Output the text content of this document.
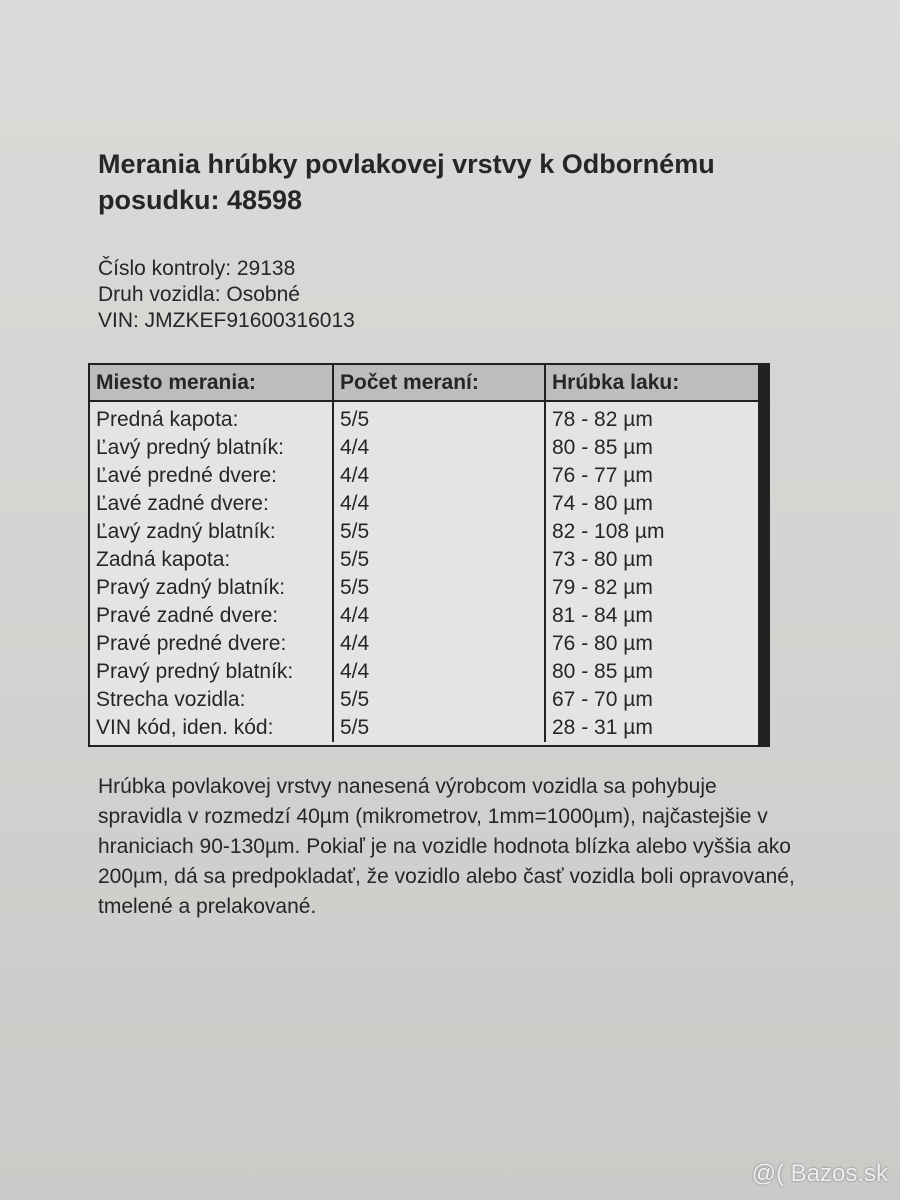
Merania hrúbky povlakovej vrstvy k Odbornému posudku: 48598
Číslo kontroly: 29138
Druh vozidla: Osobné
VIN: JMZKEF91600316013
Miesto merania:	Počet meraní:	Hrúbka laku:
Predná kapota:	5/5	78 - 82 µm
Ľavý predný blatník:	4/4	80 - 85 µm
Ľavé predné dvere:	4/4	76 - 77 µm
Ľavé zadné dvere:	4/4	74 - 80 µm
Ľavý zadný blatník:	5/5	82 - 108 µm
Zadná kapota:	5/5	73 - 80 µm
Pravý zadný blatník:	5/5	79 - 82 µm
Pravé zadné dvere:	4/4	81 - 84 µm
Pravé predné dvere:	4/4	76 - 80 µm
Pravý predný blatník:	4/4	80 - 85 µm
Strecha vozidla:	5/5	67 - 70 µm
VIN kód, iden. kód:	5/5	28 - 31 µm

Hrúbka povlakovej vrstvy nanesená výrobcom vozidla sa pohybuje spravidla v rozmedzí 40µm (mikrometrov, 1mm=1000µm), najčastejšie v hraniciach 90-130µm. Pokiaľ je na vozidle hodnota blízka alebo vyššia ako 200µm, dá sa predpokladať, že vozidlo alebo časť vozidla boli opravované, tmelené a prelakované.

@( Bazos.sk
